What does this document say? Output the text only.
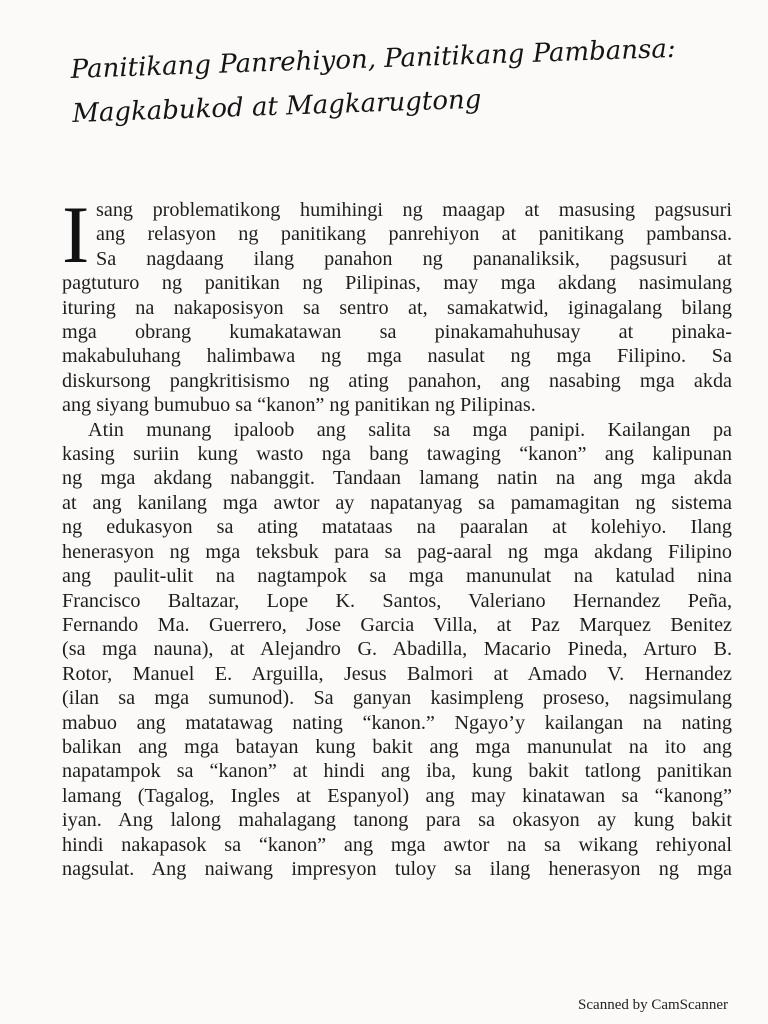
Panitikang Panrehiyon, Panitikang Pambansa:
Magkabukod at Magkarugtong
I sang problematikong humihingi ng maagap at masusing pagsusuri
ang relasyon ng panitikang panrehiyon at panitikang pambansa.
Sa nagdaang ilang panahon ng pananaliksik, pagsusuri at
pagtuturo ng panitikan ng Pilipinas, may mga akdang nasimulang
ituring na nakaposisyon sa sentro at, samakatwid, iginagalang bilang
mga obrang kumakatawan sa pinakamahuhusay at pinaka-
makabuluhang halimbawa ng mga nasulat ng mga Filipino. Sa
diskursong pangkritisismo ng ating panahon, ang nasabing mga akda
ang siyang bumubuo sa “kanon” ng panitikan ng Pilipinas.
Atin munang ipaloob ang salita sa mga panipi. Kailangan pa
kasing suriin kung wasto nga bang tawaging “kanon” ang kalipunan
ng mga akdang nabanggit. Tandaan lamang natin na ang mga akda
at ang kanilang mga awtor ay napatanyag sa pamamagitan ng sistema
ng edukasyon sa ating matataas na paaralan at kolehiyo. Ilang
henerasyon ng mga teksbuk para sa pag-aaral ng mga akdang Filipino
ang paulit-ulit na nagtampok sa mga manunulat na katulad nina
Francisco Baltazar, Lope K. Santos, Valeriano Hernandez Peña,
Fernando Ma. Guerrero, Jose Garcia Villa, at Paz Marquez Benitez
(sa mga nauna), at Alejandro G. Abadilla, Macario Pineda, Arturo B.
Rotor, Manuel E. Arguilla, Jesus Balmori at Amado V. Hernandez
(ilan sa mga sumunod). Sa ganyan kasimpleng proseso, nagsimulang
mabuo ang matatawag nating “kanon.” Ngayo’y kailangan na nating
balikan ang mga batayan kung bakit ang mga manunulat na ito ang
napatampok sa “kanon” at hindi ang iba, kung bakit tatlong panitikan
lamang (Tagalog, Ingles at Espanyol) ang may kinatawan sa “kanong”
iyan. Ang lalong mahalagang tanong para sa okasyon ay kung bakit
hindi nakapasok sa “kanon” ang mga awtor na sa wikang rehiyonal
nagsulat. Ang naiwang impresyon tuloy sa ilang henerasyon ng mga
Scanned by CamScanner
